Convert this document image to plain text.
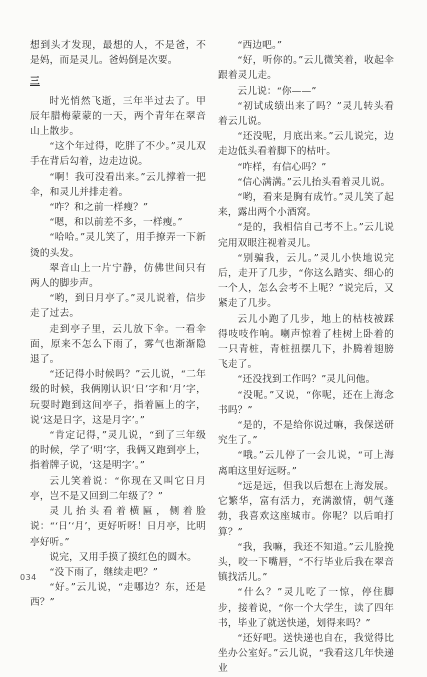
想到头才发现，最想的人，不是爸，不是妈，而是灵儿。爸妈倒是次要。

三

时光悄然飞逝，三年半过去了。甲辰年腊梅蒙蒙的一天，两个青年在翠音山上散步。

“这个年过得，吃胖了不少。”灵儿双手在背后勾着，边走边说。

“啊！我可没看出来。”云儿撑着一把伞，和灵儿并排走着。

“咋？和之前一样瘦？”

“嗯，和以前差不多，一样瘦。”

“哈哈。”灵儿笑了，用手撩弄一下新烫的头发。

翠音山上一片宁静，仿佛世间只有两人的脚步声。

“哟，到日月亭了。”灵儿说着，信步走了过去。

走到亭子里，云儿放下伞。一看伞面，原来不怎么下雨了，雾气也渐渐隐退了。

“还记得小时候吗？”云儿说，“二年级的时候，我俩刚认识‘日’字和‘月’字，玩耍时跑到这间亭子，指着匾上的字，说‘这是日字，这是月字’。”

“肯定记得，”灵儿说，“到了三年级的时候，学了‘明’字，我俩又跑到亭上，指着牌子说，‘这是明字’。”

云儿笑着说：“你现在又叫它日月亭，岂不是又回到二年级了？”

灵儿抬头看着横匾，侧着脸说：“‘日’‘月’，更好听呀！日月亭，比明亭好听。”

说完，又用手摸了摸红色的圆木。

“没下雨了，继续走吧？”

“好。”云儿说，“走哪边？东，还是西？”

“西边吧。”

“好，听你的。”云儿微笑着，收起伞跟着灵儿走。

云儿说：“你——”

“初试成绩出来了吗？”灵儿转头看着云儿说。

“还没呢，月底出来。”云儿说完，边走边低头看着脚下的枯叶。

“咋样，有信心吗？”

“信心满满。”云儿抬头看着灵儿说。

“哟，看来是胸有成竹。”灵儿笑了起来，露出两个小酒窝。

“是的，我相信自己考不上。”云儿说完用双眼注视着灵儿。

“别骗我，云儿。”灵儿小快地说完后，走开了几步，“你这么踏实、细心的一个人，怎么会考不上呢？”说完后，又紧走了几步。

云儿小跑了几步，地上的枯枝被踩得吱吱作响。喇声惊着了桂树上卧着的一只青桩，青桩扭摆几下，扑腾着翅膀飞走了。

“还没找到工作吗？”灵儿问他。

“没呢。”又说，“你呢，还在上海念书吗？”

“是的，不是给你说过嘛，我保送研究生了。”

“哦。”云儿停了一会儿说，“可上海离咱这里好远呀。”

“远是远，但我以后想在上海发展。它繁华，富有活力，充满激情，朝气蓬勃，我喜欢这座城市。你呢？以后咱打算？”

“我，我嘛，我还不知道。”云儿脸挽头，咬一下嘴唇，“不行毕业后我在翠音镇找活儿。”

“什么？”灵儿吃了一惊，停住脚步，接着说，“你一个大学生，读了四年书，毕业了就送快递，划得来吗？”

“还好吧。送快递也自在，我觉得比坐办公室好。”云儿说，“我看这几年快递业

034
